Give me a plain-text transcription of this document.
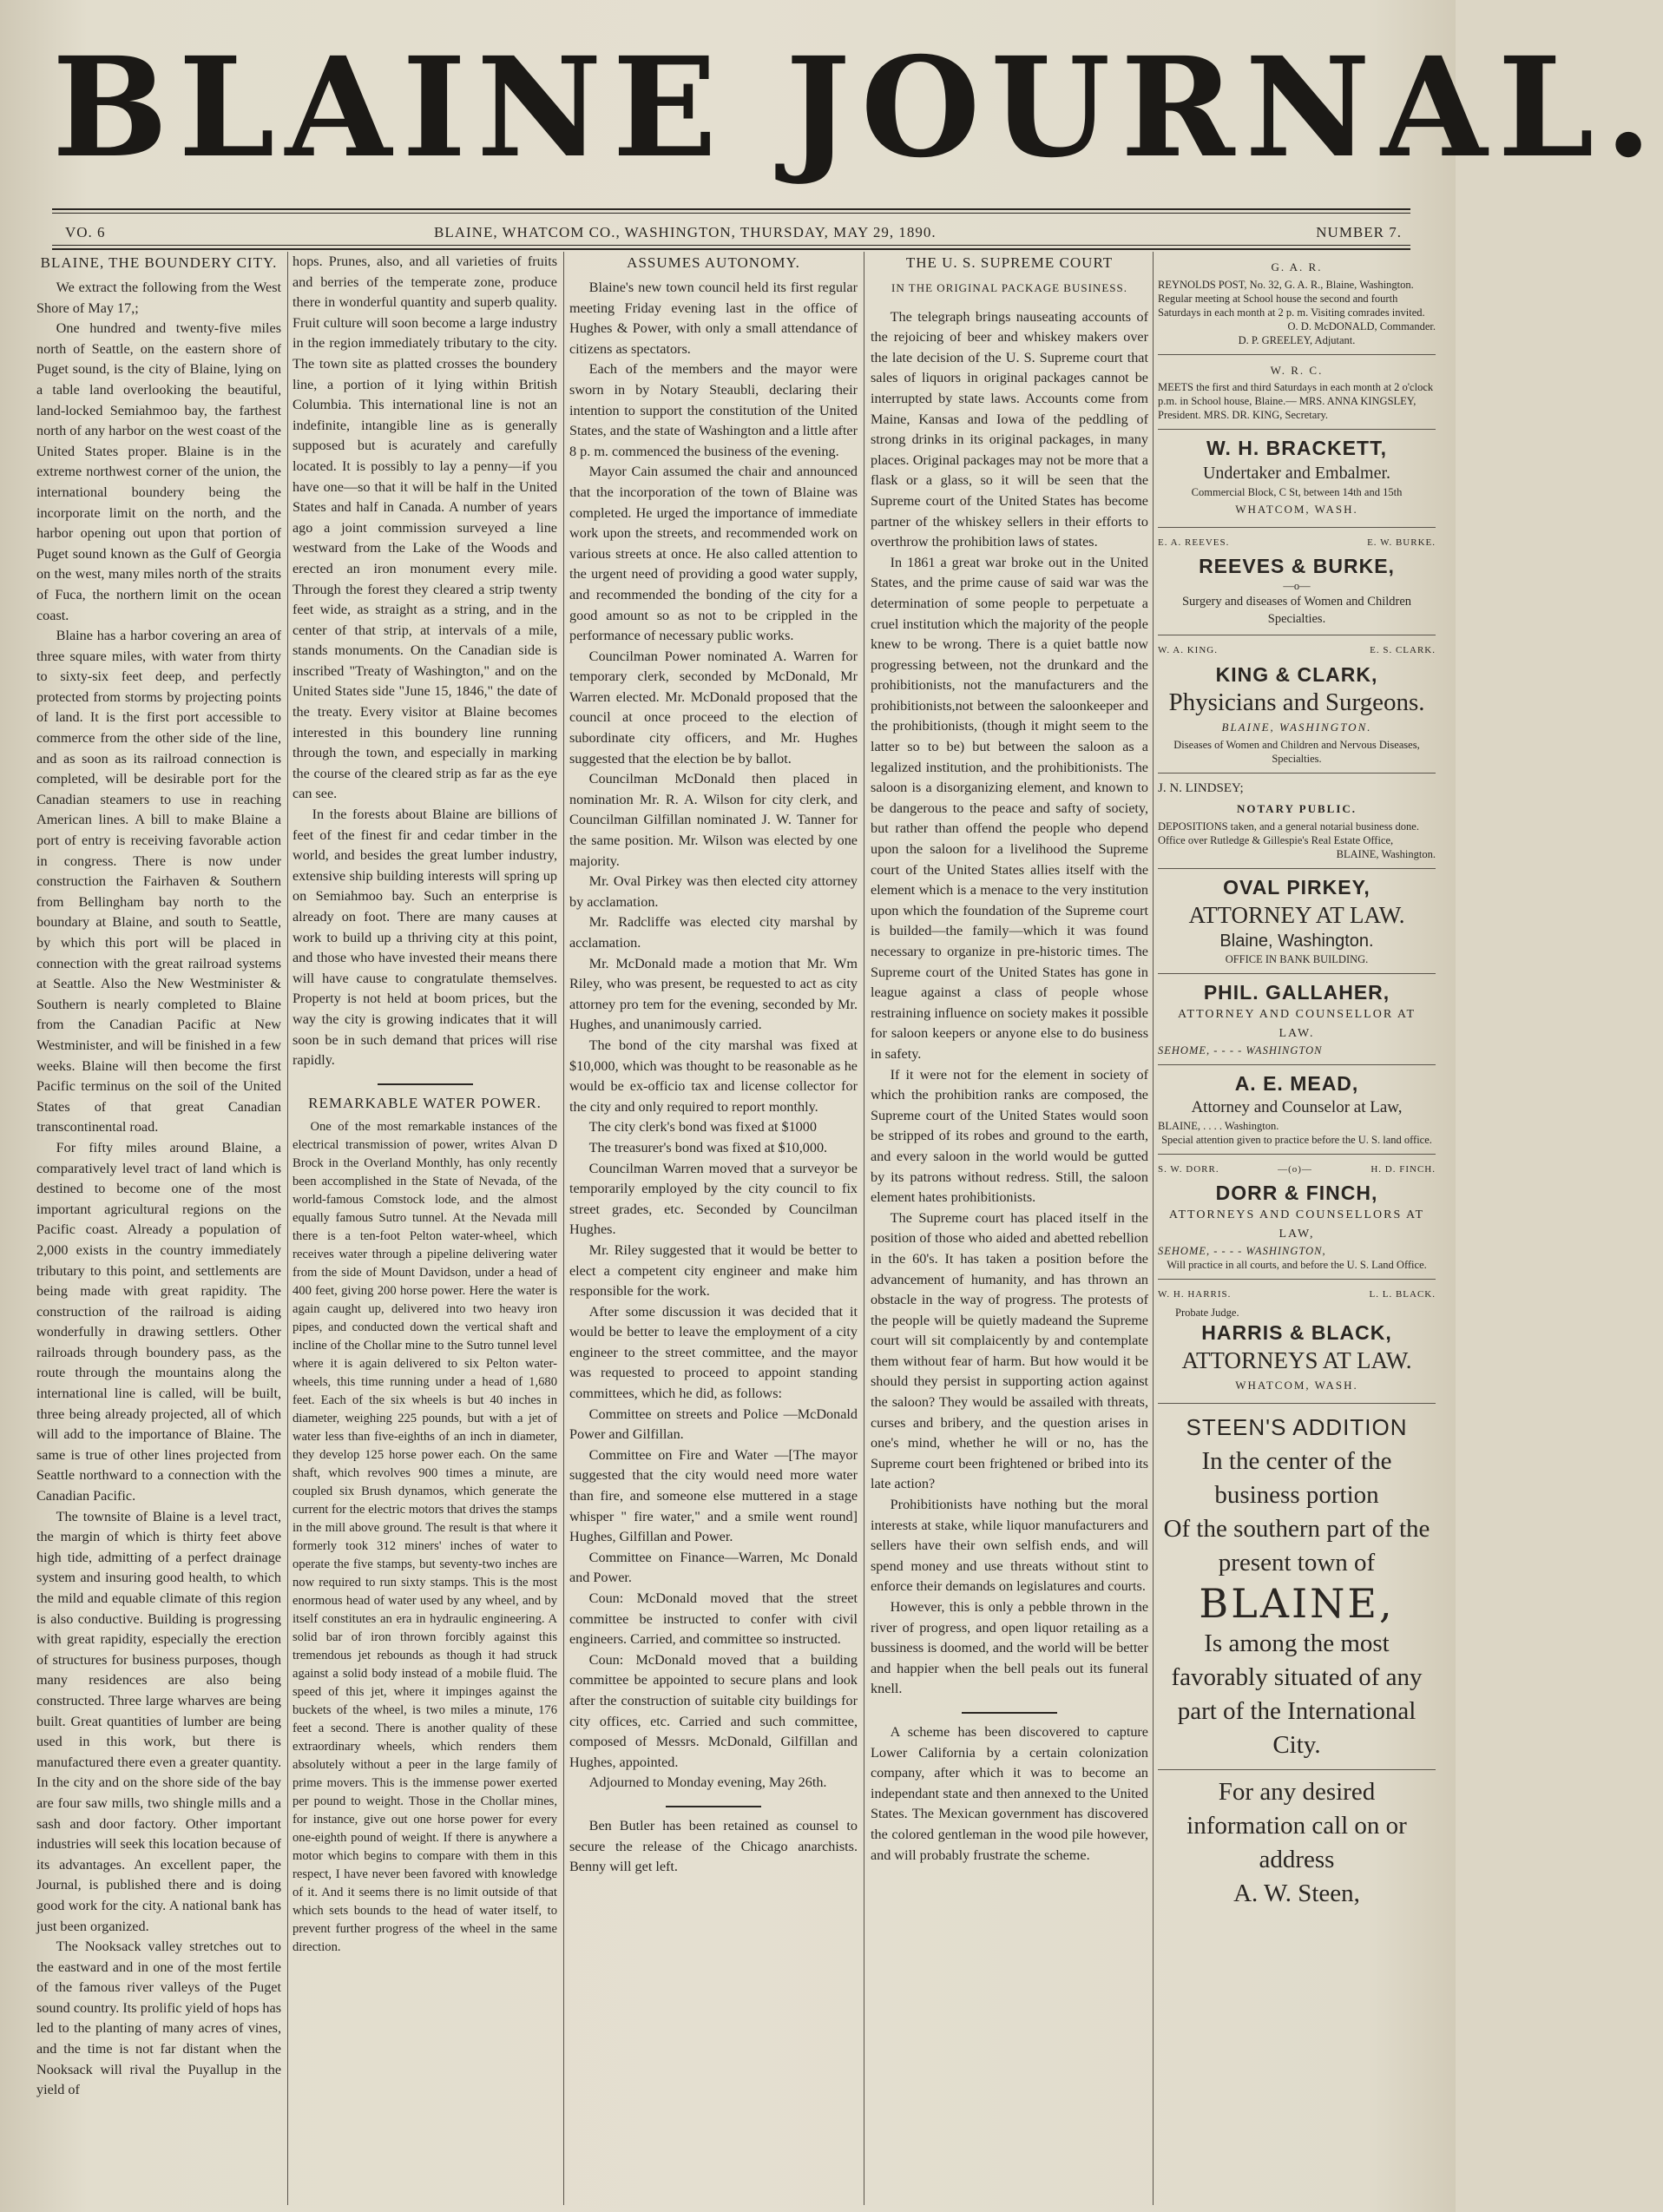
BLAINE JOURNAL.
VO. 6	BLAINE, WHATCOM CO., WASHINGTON, THURSDAY, MAY 29, 1890.	NUMBER 7.
BLAINE, THE BOUNDERY CITY.

We extract the following from the West Shore of May 17,;

One hundred and twenty-five miles north of Seattle, on the eastern shore of Puget sound, is the city of Blaine, lying on a table land overlooking the beautiful, land-locked Semiahmoo bay, the farthest north of any harbor on the west coast of the United States proper. Blaine is in the extreme northwest corner of the union, the international boundery being the incorporate limit on the north, and the harbor opening out upon that portion of Puget sound known as the Gulf of Georgia on the west, many miles north of the straits of Fuca, the northern limit on the ocean coast.

Blaine has a harbor covering an area of three square miles, with water from thirty to sixty-six feet deep, and perfectly protected from storms by projecting points of land. It is the first port accessible to commerce from the other side of the line, and as soon as its railroad connection is completed, will be desirable port for the Canadian steamers to use in reaching American lines. A bill to make Blaine a port of entry is receiving favorable action in congress. There is now under construction the Fairhaven & Southern from Bellingham bay north to the boundary at Blaine, and south to Seattle, by which this port will be placed in connection with the great railroad systems at Seattle. Also the New Westminister & Southern is nearly completed to Blaine from the Canadian Pacific at New Westminister, and will be finished in a few weeks. Blaine will then become the first Pacific terminus on the soil of the United States of that great Canadian transcontinental road.

For fifty miles around Blaine, a comparatively level tract of land which is destined to become one of the most important agricultural regions on the Pacific coast. Already a population of 2,000 exists in the country immediately tributary to this point, and settlements are being made with great rapidity. The construction of the railroad is aiding wonderfully in drawing settlers. Other railroads through boundery pass, as the route through the mountains along the international line is called, will be built, three being already projected, all of which will add to the importance of Blaine. The same is true of other lines projected from Seattle northward to a connection with the Canadian Pacific.

The townsite of Blaine is a level tract, the margin of which is thirty feet above high tide, admitting of a perfect drainage system and insuring good health, to which the mild and equable climate of this region is also conductive. Building is progressing with great rapidity, especially the erection of structures for business purposes, though many residences are also being constructed. Three large wharves are being built. Great quantities of lumber are being used in this work, but there is manufactured there even a greater quantity. In the city and on the shore side of the bay are four saw mills, two shingle mills and a sash and door factory. Other important industries will seek this location because of its advantages. An excellent paper, the Journal, is published there and is doing good work for the city. A national bank has just been organized.

The Nooksack valley stretches out to the eastward and in one of the most fertile of the famous river valleys of the Puget sound country. Its prolific yield of hops has led to the planting of many acres of vines, and the time is not far distant when the Nooksack will rival the Puyallup in the yield of

hops. Prunes, also, and all varieties of fruits and berries of the temperate zone, produce there in wonderful quantity and superb quality. Fruit culture will soon become a large industry in the region immediately tributary to the city. The town site as platted crosses the boundery line, a portion of it lying within British Columbia. This international line is not an indefinite, intangible line as is generally supposed but is acurately and carefully located. It is possibly to lay a penny—if you have one—so that it will be half in the United States and half in Canada. A number of years ago a joint commission surveyed a line westward from the Lake of the Woods and erected an iron monument every mile. Through the forest they cleared a strip twenty feet wide, as straight as a string, and in the center of that strip, at intervals of a mile, stands monuments. On the Canadian side is inscribed "Treaty of Washington," and on the United States side "June 15, 1846," the date of the treaty. Every visitor at Blaine becomes interested in this boundery line running through the town, and especially in marking the course of the cleared strip as far as the eye can see.

In the forests about Blaine are billions of feet of the finest fir and cedar timber in the world, and besides the great lumber industry, extensive ship building interests will spring up on Semiahmoo bay. Such an enterprise is already on foot. There are many causes at work to build up a thriving city at this point, and those who have invested their means there will have cause to congratulate themselves. Property is not held at boom prices, but the way the city is growing indicates that it will soon be in such demand that prices will rise rapidly.

REMARKABLE WATER POWER.

One of the most remarkable instances of the electrical transmission of power, writes Alvan D Brock in the Overland Monthly, has only recently been accomplished in the State of Nevada, of the world-famous Comstock lode, and the almost equally famous Sutro tunnel. At the Nevada mill there is a ten-foot Pelton water-wheel, which receives water through a pipeline delivering water from the side of Mount Davidson, under a head of 400 feet, giving 200 horse power. Here the water is again caught up, delivered into two heavy iron pipes, and conducted down the vertical shaft and incline of the Chollar mine to the Sutro tunnel level where it is again delivered to six Pelton water-wheels, this time running under a head of 1,680 feet. Each of the six wheels is but 40 inches in diameter, weighing 225 pounds, but with a jet of water less than five-eighths of an inch in diameter, they develop 125 horse power each. On the same shaft, which revolves 900 times a minute, are coupled six Brush dynamos, which generate the current for the electric motors that drives the stamps in the mill above ground. The result is that where it formerly took 312 miners' inches of water to operate the five stamps, but seventy-two inches are now required to run sixty stamps. This is the most enormous head of water used by any wheel, and by itself constitutes an era in hydraulic engineering. A solid bar of iron thrown forcibly against this tremendous jet rebounds as though it had struck against a solid body instead of a mobile fluid. The speed of this jet, where it impinges against the buckets of the wheel, is two miles a minute, 176 feet a second. There is another quality of these extraordinary wheels, which renders them absolutely without a peer in the large family of prime movers. This is the immense power exerted per pound to weight. Those in the Chollar mines, for instance, give out one horse power for every one-eighth pound of weight. If there is anywhere a motor which begins to compare with them in this respect, I have never been favored with knowledge of it. And it seems there is no limit outside of that which sets bounds to the head of water itself, to prevent further progress of the wheel in the same direction.

ASSUMES AUTONOMY.

Blaine's new town council held its first regular meeting Friday evening last in the office of Hughes & Power, with only a small attendance of citizens as spectators.

Each of the members and the mayor were sworn in by Notary Steaubli, declaring their intention to support the constitution of the United States, and the state of Washington and a little after 8 p. m. commenced the business of the evening.

Mayor Cain assumed the chair and announced that the incorporation of the town of Blaine was completed. He urged the importance of immediate work upon the streets, and recommended work on various streets at once. He also called attention to the urgent need of providing a good water supply, and recommended the bonding of the city for a good amount so as not to be crippled in the performance of necessary public works.

Councilman Power nominated A. Warren for temporary clerk, seconded by McDonald, Mr Warren elected. Mr. McDonald proposed that the council at once proceed to the election of subordinate city officers, and Mr. Hughes suggested that the election be by ballot.

Councilman McDonald then placed in nomination Mr. R. A. Wilson for city clerk, and Councilman Gilfillan nominated J. W. Tanner for the same position. Mr. Wilson was elected by one majority.

Mr. Oval Pirkey was then elected city attorney by acclamation.

Mr. Radcliffe was elected city marshal by acclamation.

Mr. McDonald made a motion that Mr. Wm Riley, who was present, be requested to act as city attorney pro tem for the evening, seconded by Mr. Hughes, and unanimously carried.

The bond of the city marshal was fixed at $10,000, which was thought to be reasonable as he would be ex-officio tax and license collector for the city and only required to report monthly.

The city clerk's bond was fixed at $1000

The treasurer's bond was fixed at $10,000.

Councilman Warren moved that a surveyor be temporarily employed by the city council to fix street grades, etc. Seconded by Councilman Hughes.

Mr. Riley suggested that it would be better to elect a competent city engineer and make him responsible for the work.

After some discussion it was decided that it would be better to leave the employment of a city engineer to the street committee, and the mayor was requested to proceed to appoint standing committees, which he did, as follows:

Committee on streets and Police —McDonald Power and Gilfillan.

Committee on Fire and Water —[The mayor suggested that the city would need more water than fire, and someone else muttered in a stage whisper " fire water," and a smile went round] Hughes, Gilfillan and Power.

Committee on Finance—Warren, Mc Donald and Power.

Coun: McDonald moved that the street committee be instructed to confer with civil engineers. Carried, and committee so instructed.

Coun: McDonald moved that a building committee be appointed to secure plans and look after the construction of suitable city buildings for city offices, etc. Carried and such committee, composed of Messrs. McDonald, Gilfillan and Hughes, appointed.

Adjourned to Monday evening, May 26th.

Ben Butler has been retained as counsel to secure the release of the Chicago anarchists. Benny will get left.

THE U. S. SUPREME COURT
IN THE ORIGINAL PACKAGE BUSINESS.

The telegraph brings nauseating accounts of the rejoicing of beer and whiskey makers over the late decision of the U. S. Supreme court that sales of liquors in original packages cannot be interrupted by state laws. Accounts come from Maine, Kansas and Iowa of the peddling of strong drinks in its original packages, in many places. Original packages may not be more that a flask or a glass, so it will be seen that the Supreme court of the United States has become partner of the whiskey sellers in their efforts to overthrow the prohibition laws of states.

In 1861 a great war broke out in the United States, and the prime cause of said war was the determination of some people to perpetuate a cruel institution which the majority of the people knew to be wrong. There is a quiet battle now progressing between, not the drunkard and the prohibitionists, not the manufacturers and the prohibitionists,not between the saloonkeeper and the prohibitionists, (though it might seem to the latter so to be) but between the saloon as a legalized institution, and the prohibitionists. The saloon is a disorganizing element, and known to be dangerous to the peace and safty of society, but rather than offend the people who depend upon the saloon for a livelihood the Supreme court of the United States allies itself with the element which is a menace to the very institution upon which the foundation of the Supreme court is builded—the family—which it was found necessary to organize in pre-historic times. The Supreme court of the United States has gone in league against a class of people whose restraining influence on society makes it possible for saloon keepers or anyone else to do business in safety.

If it were not for the element in society of which the prohibition ranks are composed, the Supreme court of the United States would soon be stripped of its robes and ground to the earth, and every saloon in the world would be gutted by its patrons without redress. Still, the saloon element hates prohibitionists.

The Supreme court has placed itself in the position of those who aided and abetted rebellion in the 60's. It has taken a position before the advancement of humanity, and has thrown an obstacle in the way of progress. The protests of the people will be quietly madeand the Supreme court will sit complaicently by and contemplate them without fear of harm. But how would it be should they persist in supporting action against the saloon? They would be assailed with threats, curses and bribery, and the question arises in one's mind, whether he will or no, has the Supreme court been frightened or bribed into its late action?

Prohibitionists have nothing but the moral interests at stake, while liquor manufacturers and sellers have their own selfish ends, and will spend money and use threats without stint to enforce their demands on legislatures and courts.

However, this is only a pebble thrown in the river of progress, and open liquor retailing as a bussiness is doomed, and the world will be better and happier when the bell peals out its funeral knell.

A scheme has been discovered to capture Lower California by a certain colonization company, after which it was to become an independant state and then annexed to the United States. The Mexican government has discovered the colored gentleman in the wood pile however, and will probably frustrate the scheme.

G. A. R.
REYNOLDS POST, No. 32, G. A. R., Blaine, Washington. Regular meeting at School house the second and fourth Saturdays in each month at 2 p. m. Visiting comrades invited.
O. D. McDONALD, Commander.
D. P. GREELEY, Adjutant.
W. R. C.
MEETS the first and third Saturdays in each month at 2 o'clock p.m. in School house, Blaine.— MRS. ANNA KINGSLEY, President. MRS. DR. KING, Secretary.
W. H. BRACKETT,
Undertaker and Embalmer.
Commercial Block, C St, between 14th and 15th
WHATCOM, WASH.
E. A. REEVES.	E. W. BURKE.
REEVES & BURKE,
—o—
Surgery and diseases of Women and Children Specialties.
W. A. KING.	E. S. CLARK.
KING & CLARK,
Physicians and Surgeons.
BLAINE, WASHINGTON.
Diseases of Women and Children and Nervous Diseases, Specialties.
J. N. LINDSEY;
NOTARY PUBLIC.
DEPOSITIONS taken, and a general notarial business done. Office over Rutledge & Gillespie's Real Estate Office,
BLAINE, Washington.
OVAL PIRKEY,
ATTORNEY AT LAW.
Blaine, Washington.
OFFICE IN BANK BUILDING.
PHIL. GALLAHER,
ATTORNEY AND COUNSELLOR AT LAW.
SEHOME, - - - - WASHINGTON
A. E. MEAD,
Attorney and Counselor at Law,
BLAINE, . . . . Washington.
Special attention given to practice before the U. S. land office.
S. W. DORR.	—(o)—	H. D. FINCH.
DORR & FINCH,
ATTORNEYS AND COUNSELLORS AT LAW,
SEHOME, - - - - WASHINGTON,
Will practice in all courts, and before the U. S. Land Office.
W. H. HARRIS.	L. L. BLACK.
Probate Judge.
HARRIS & BLACK,
ATTORNEYS AT LAW.
WHATCOM, WASH.
STEEN'S ADDITION
In the center of the business portion
Of the southern part of the present town of
BLAINE,
Is among the most favorably situated of any part of the International City.
For any desired information call on or address
A. W. Steen,
